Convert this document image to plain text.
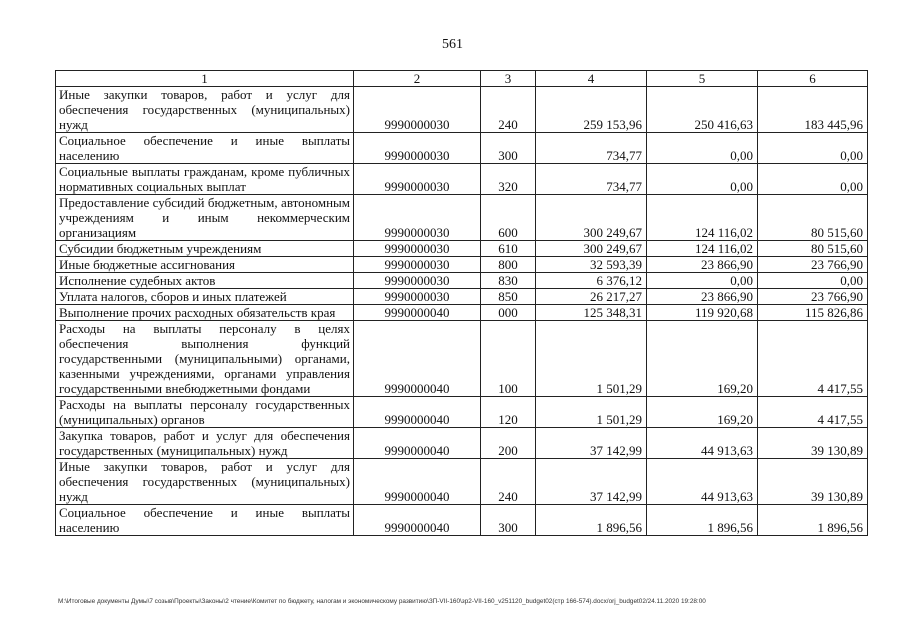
561
1	2	3	4	5	6
Иные закупки товаров, работ и услуг для обеспечения государственных (муниципальных) нужд	9990000030	240	259 153,96	250 416,63	183 445,96
Социальное обеспечение и иные выплаты населению	9990000030	300	734,77	0,00	0,00
Социальные выплаты гражданам, кроме публичных нормативных социальных выплат	9990000030	320	734,77	0,00	0,00
Предоставление субсидий бюджетным, автономным учреждениям и иным некоммерческим организациям	9990000030	600	300 249,67	124 116,02	80 515,60
Субсидии бюджетным учреждениям	9990000030	610	300 249,67	124 116,02	80 515,60
Иные бюджетные ассигнования	9990000030	800	32 593,39	23 866,90	23 766,90
Исполнение судебных актов	9990000030	830	6 376,12	0,00	0,00
Уплата налогов, сборов и иных платежей	9990000030	850	26 217,27	23 866,90	23 766,90
Выполнение прочих расходных обязательств края	9990000040	000	125 348,31	119 920,68	115 826,86
Расходы на выплаты персоналу в целях обеспечения выполнения функций государственными (муниципальными) органами, казенными учреждениями, органами управления государственными внебюджетными фондами	9990000040	100	1 501,29	169,20	4 417,55
Расходы на выплаты персоналу государственных (муниципальных) органов	9990000040	120	1 501,29	169,20	4 417,55
Закупка товаров, работ и услуг для обеспечения государственных (муниципальных) нужд	9990000040	200	37 142,99	44 913,63	39 130,89
Иные закупки товаров, работ и услуг для обеспечения государственных (муниципальных) нужд	9990000040	240	37 142,99	44 913,63	39 130,89
Социальное обеспечение и иные выплаты населению	9990000040	300	1 896,56	1 896,56	1 896,56
M:\Итоговые документы Думы\7 созыв\Проекты\Законы\2 чтение\Комитет по бюджету, налогам и экономическому развитию\ЗП-VII-160\зр2-VII-160_v251120_budget02(стр 166-574).docx/orj_budget02/24.11.2020 19:28:00
